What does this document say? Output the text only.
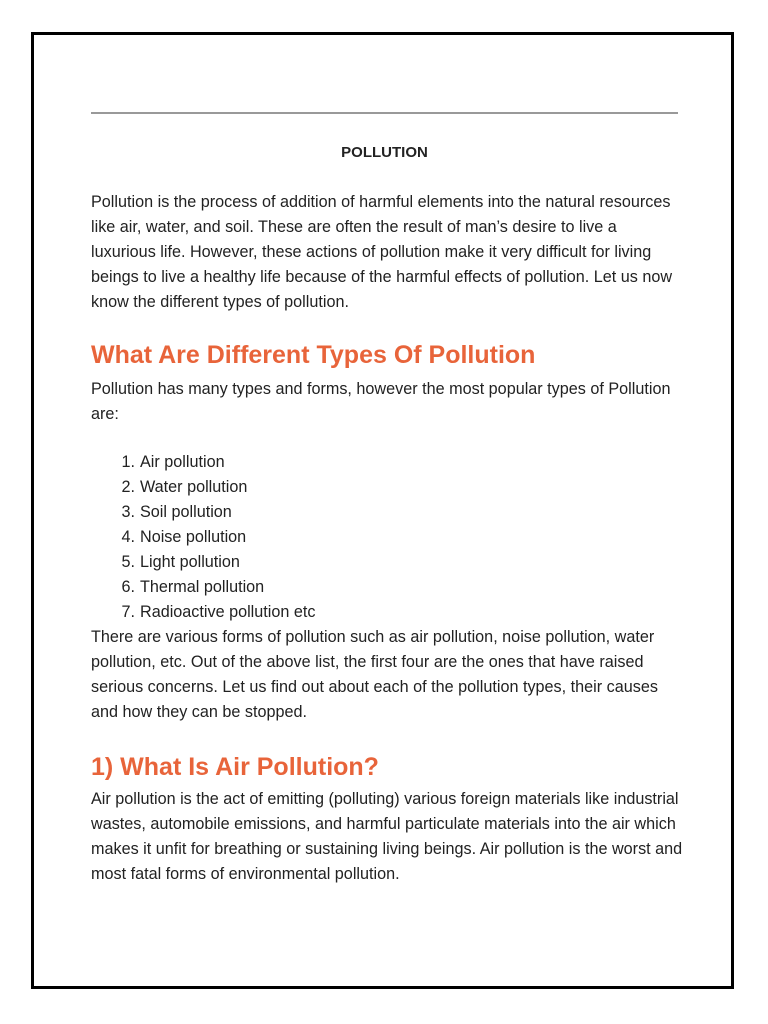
POLLUTION

Pollution is the process of addition of harmful elements into the natural resources like air, water, and soil. These are often the result of man’s desire to live a luxurious life. However, these actions of pollution make it very difficult for living beings to live a healthy life because of the harmful effects of pollution. Let us now know the different types of pollution.

What Are Different Types Of Pollution

Pollution has many types and forms, however the most popular types of Pollution are:

1. Air pollution
2. Water pollution
3. Soil pollution
4. Noise pollution
5. Light pollution
6. Thermal pollution
7. Radioactive pollution etc

There are various forms of pollution such as air pollution, noise pollution, water pollution, etc. Out of the above list, the first four are the ones that have raised serious concerns. Let us find out about each of the pollution types, their causes and how they can be stopped.

1) What Is Air Pollution?

Air pollution is the act of emitting (polluting) various foreign materials like industrial wastes, automobile emissions, and harmful particulate materials into the air which makes it unfit for breathing or sustaining living beings. Air pollution is the worst and most fatal forms of environmental pollution.
